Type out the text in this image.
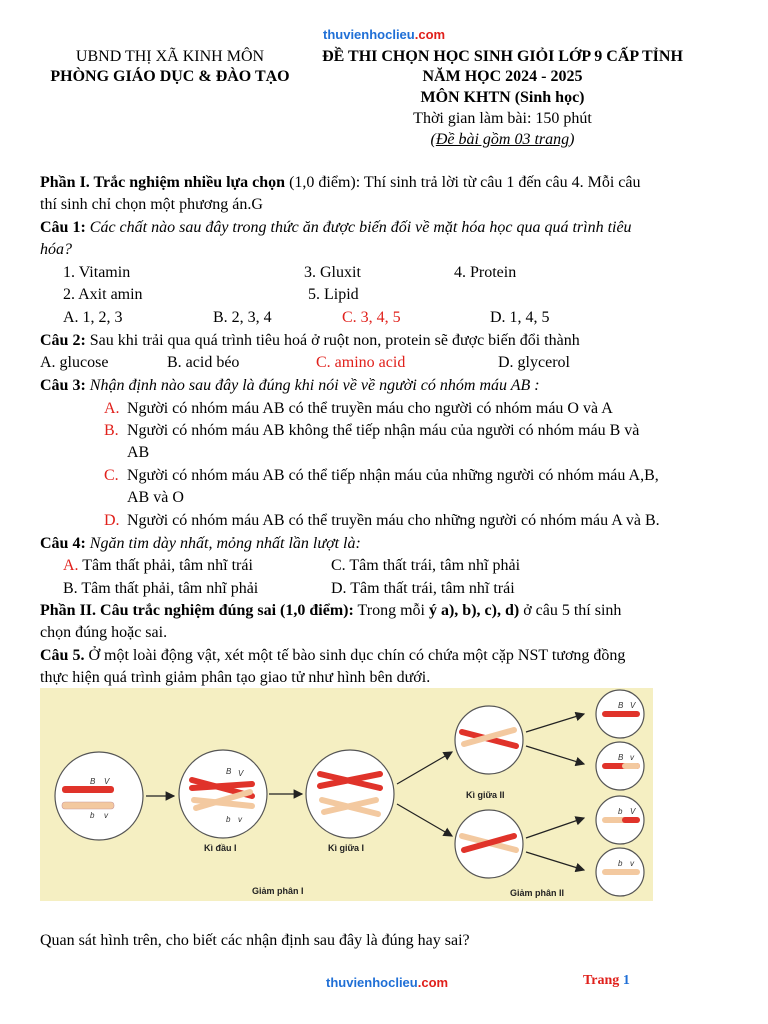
thuvienhoclieu.com
UBND THỊ XÃ KINH MÔN
PHÒNG GIÁO DỤC & ĐÀO TẠO
ĐỀ THI CHỌN HỌC SINH GIỎI LỚP 9 CẤP TỈNH
NĂM HỌC 2024 - 2025
MÔN KHTN (Sinh học)
Thời gian làm bài: 150 phút
(Đề bài gồm 03 trang)
Phần I. Trắc nghiệm nhiều lựa chọn (1,0 điểm): Thí sinh trả lời từ câu 1 đến câu 4. Mỗi câu
thí sinh chỉ chọn một phương án.G
Câu 1: Các chất nào sau đây trong thức ăn được biến đối về mặt hóa học qua quá trình tiêu
hóa?
1. Vitamin	3. Gluxit	4. Protein
2. Axit amin	5. Lipid
A. 1, 2, 3	B. 2, 3, 4	C. 3, 4, 5	D. 1, 4, 5
Câu 2: Sau khi trải qua quá trình tiêu hoá ở ruột non, protein sẽ được biến đổi thành
A. glucose	B. acid béo	C. amino acid	D. glycerol
Câu 3: Nhận định nào sau đây là đúng khi nói về về người có nhóm máu AB :
A. Người có nhóm máu AB có thể truyền máu cho người có nhóm máu O và A
B. Người có nhóm máu AB không thể tiếp nhận máu của người có nhóm máu B và
AB
C. Người có nhóm máu AB có thể tiếp nhận máu của những người có nhóm máu A,B,
AB và O
D. Người có nhóm máu AB có thể truyền máu cho những người có nhóm máu A và B.
Câu 4: Ngăn tim dày nhất, mỏng nhất lần lượt là:
A. Tâm thất phải, tâm nhĩ trái	C. Tâm thất trái, tâm nhĩ phải
B. Tâm thất phải, tâm nhĩ phải	D. Tâm thất trái, tâm nhĩ trái
Phần II. Câu trắc nghiệm đúng sai (1,0 điểm): Trong mỗi ý a), b), c), d) ở câu 5 thí sinh
chọn đúng hoặc sai.
Câu 5. Ở một loài động vật, xét một tế bào sinh dục chín có chứa một cặp NST tương đồng
thực hiện quá trình giảm phân tạo giao tử như hình bên dưới.
B V
b v
B V
b v
Kì đầu I	Kì giữa I
Kì giữa II
B V
B v
b V
b v
Giảm phân I	Giảm phân II
Quan sát hình trên, cho biết các nhận định sau đây là đúng hay sai?
thuvienhoclieu.com	Trang 1
